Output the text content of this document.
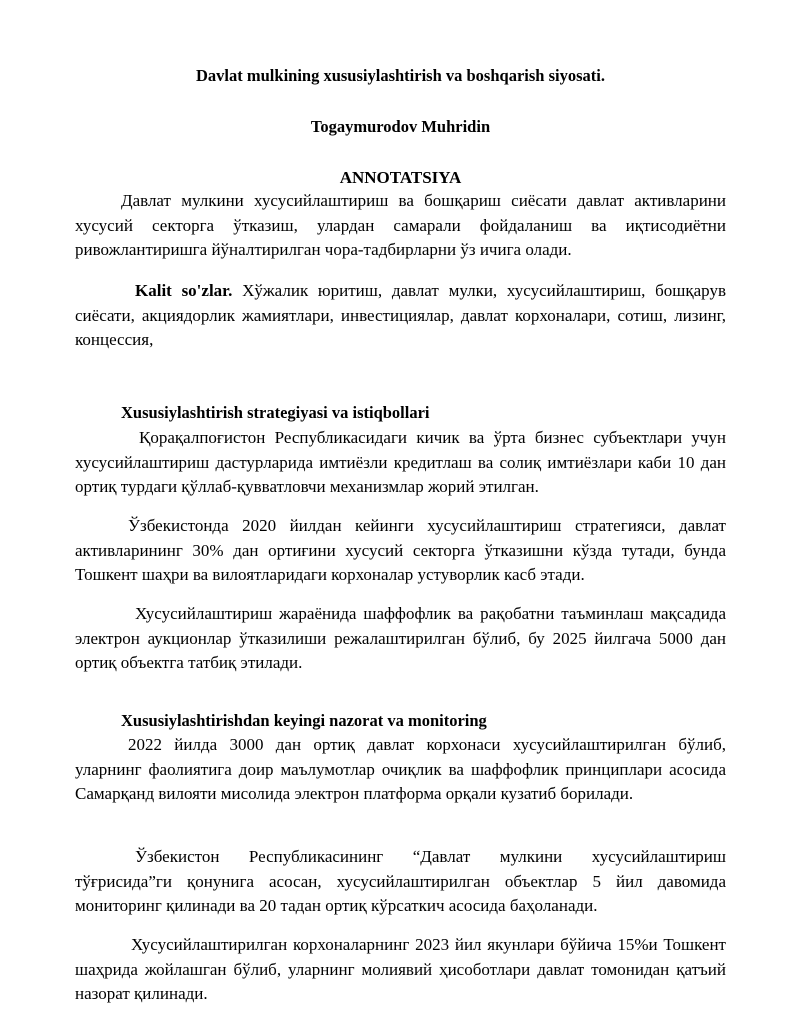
Davlat mulkining xususiylashtirish va boshqarish siyosati.
Togaymurodov Muhridin
ANNOTATSIYA

Давлат мулкини хусусийлаштириш ва бошқариш сиёсати давлат активларини хусусий секторга ўтказиш, улардан самарали фойдаланиш ва иқтисодиётни ривожлантиришга йўналтирилган чора-тадбирларни ўз ичига олади.

Kalit so'zlar. Хўжалик юритиш, давлат мулки, хусусийлаштириш, бошқарув сиёсати, акциядорлик жамиятлари, инвестициялар, давлат корхоналари, сотиш, лизинг, концессия,

Xususiylashtirish strategiyasi va istiqbollari

Қорақалпоғистон Республикасидаги кичик ва ўрта бизнес субъектлари учун хусусийлаштириш дастурларида имтиёзли кредитлаш ва солиқ имтиёзлари каби 10 дан ортиқ турдаги қўллаб-қувватловчи механизмлар жорий этилган.

Ўзбекистонда 2020 йилдан кейинги хусусийлаштириш стратегияси, давлат активларининг 30% дан ортиғини хусусий секторга ўтказишни кўзда тутади, бунда Тошкент шаҳри ва вилоятларидаги корхоналар устуворлик касб этади.

Хусусийлаштириш жараёнида шаффофлик ва рақобатни таъминлаш мақсадида электрон аукционлар ўтказилиши режалаштирилган бўлиб, бу 2025 йилгача 5000 дан ортиқ объектга татбиқ этилади.

Xususiylashtirishdan keyingi nazorat va monitoring

2022 йилда 3000 дан ортиқ давлат корхонаси хусусийлаштирилган бўлиб, уларнинг фаолиятига доир маълумотлар очиқлик ва шаффофлик принциплари асосида Самарқанд вилояти мисолида электрон платформа орқали кузатиб борилади.

Ўзбекистон Республикасининг “Давлат мулкини хусусийлаштириш тўғрисида”ги қонунига асосан, хусусийлаштирилган объектлар 5 йил давомида мониторинг қилинади ва 20 тадан ортиқ кўрсаткич асосида баҳоланади.

Хусусийлаштирилган корхоналарнинг 2023 йил якунлари бўйича 15%и Тошкент шаҳрида жойлашган бўлиб, уларнинг молиявий ҳисоботлари давлат томонидан қатъий назорат қилинади.
